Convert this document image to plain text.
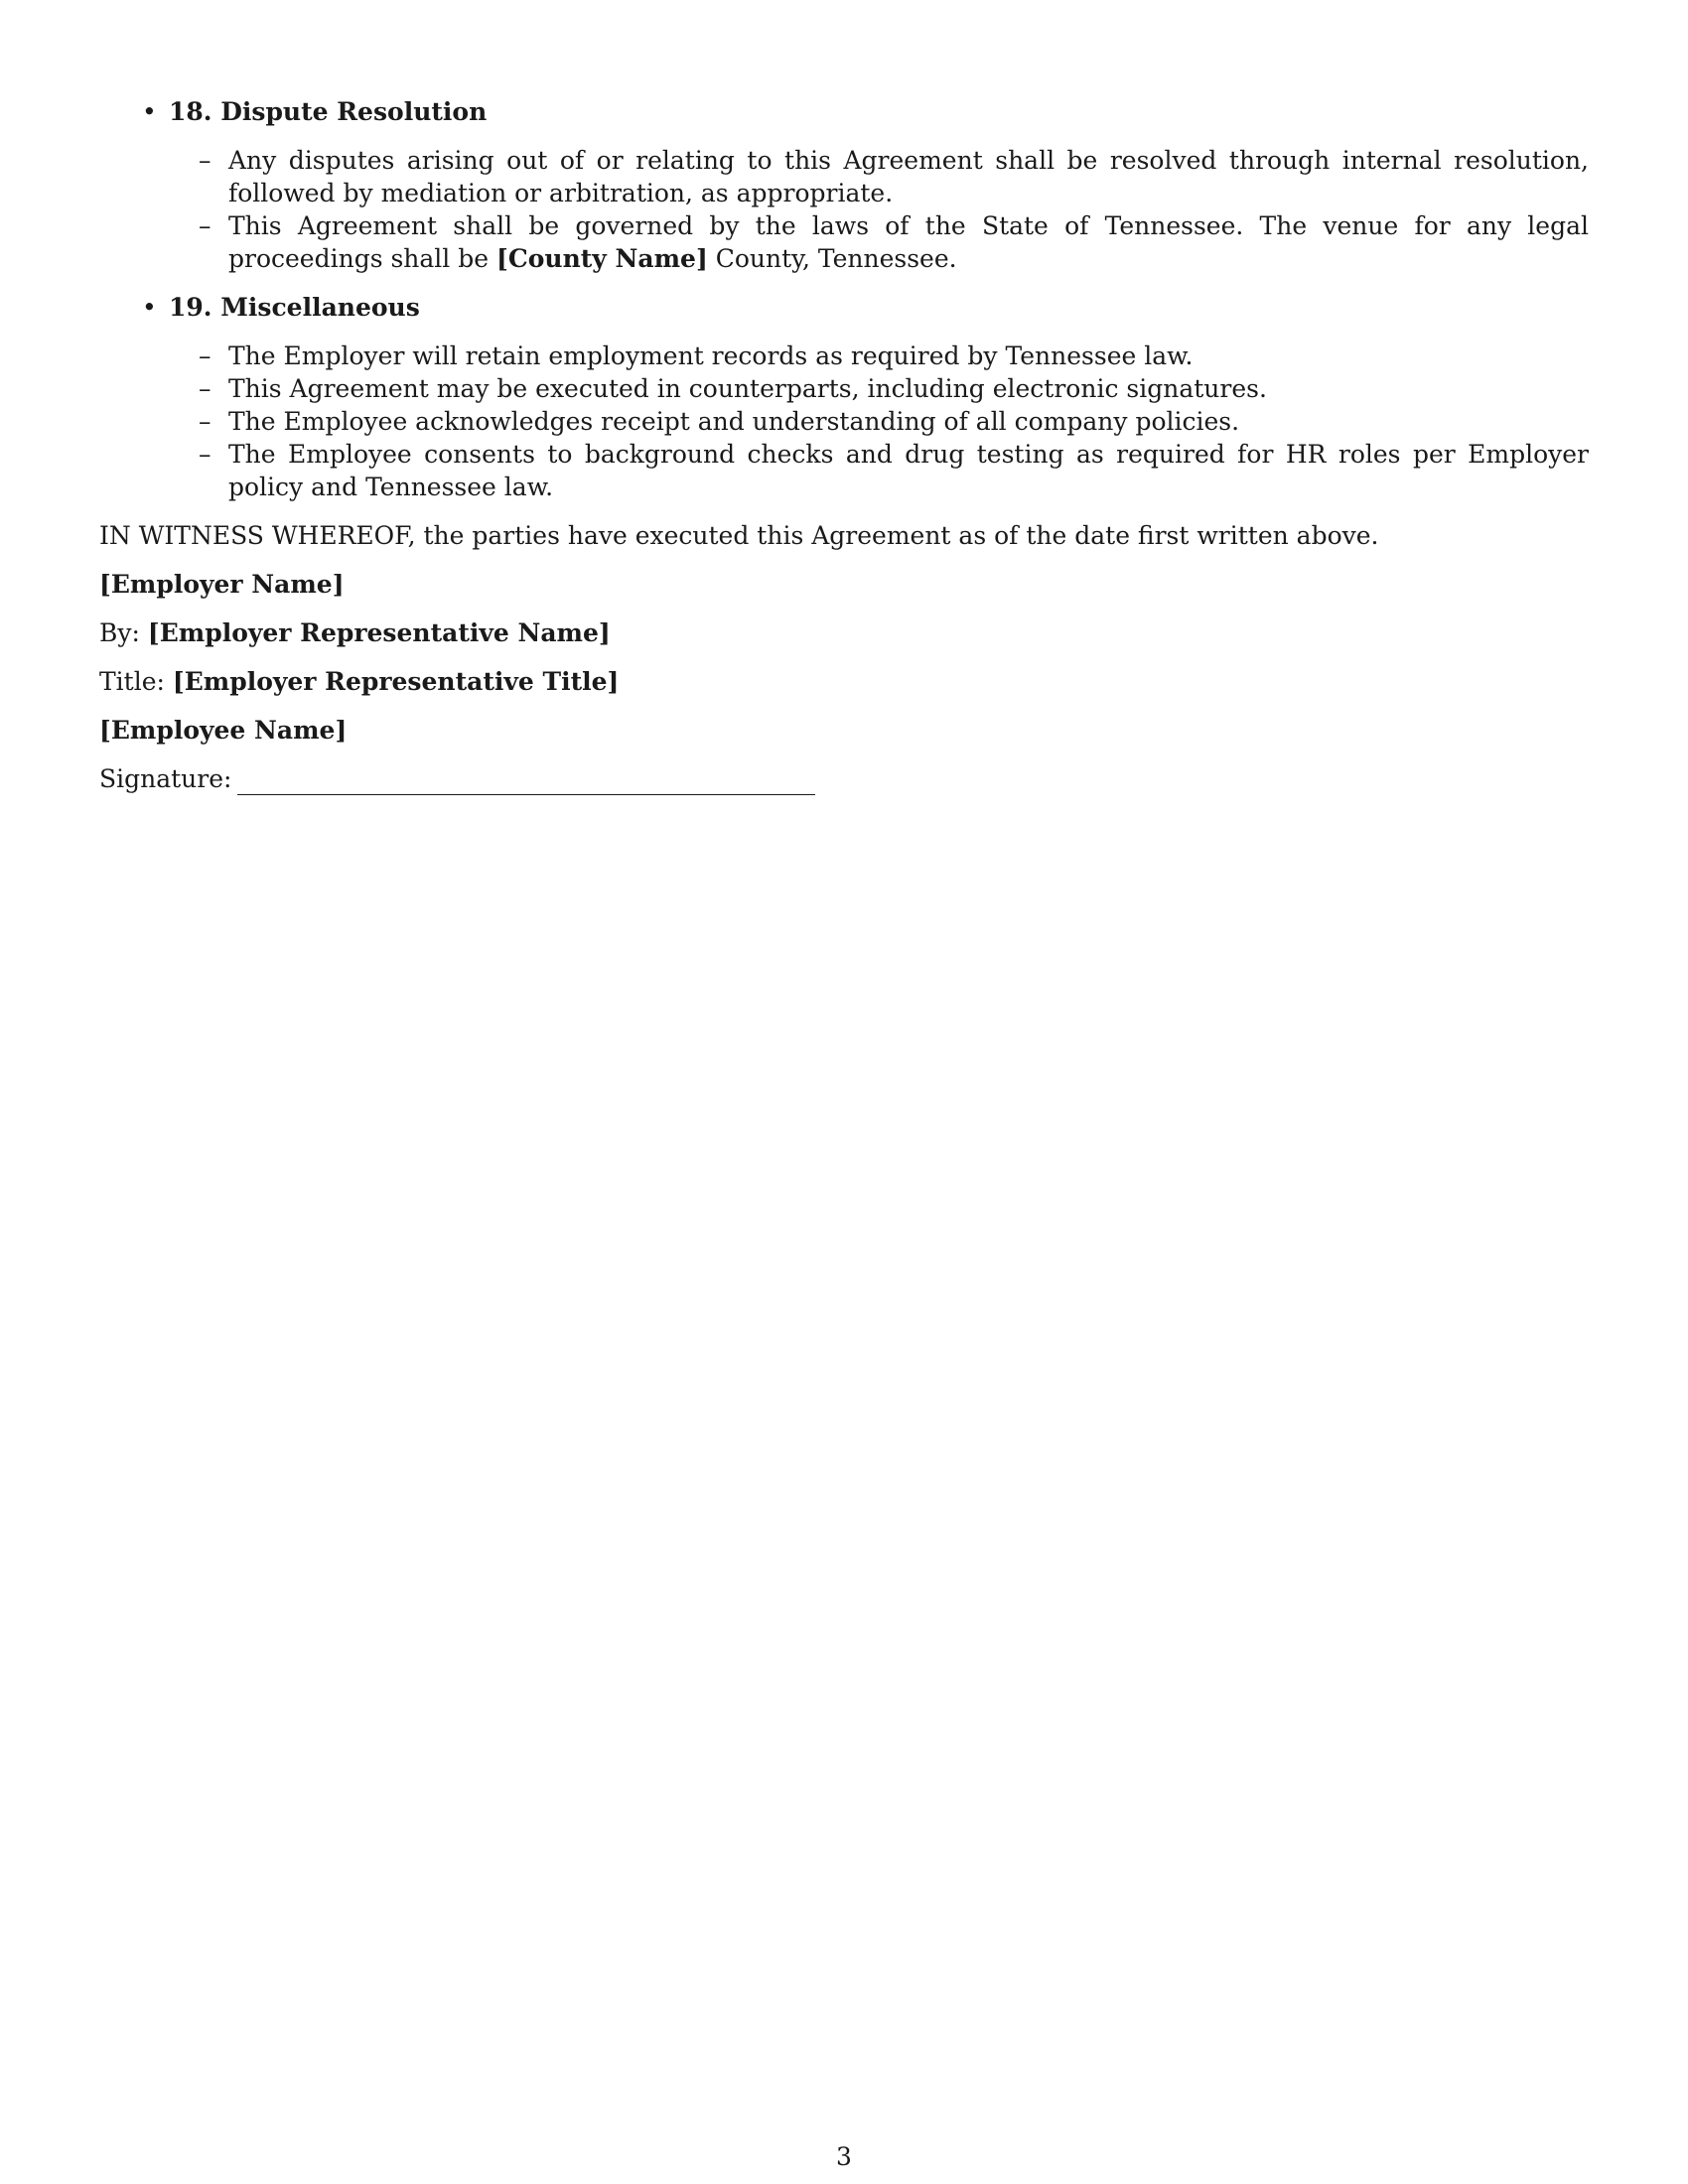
• 18. Dispute Resolution
– Any disputes arising out of or relating to this Agreement shall be resolved through internal resolution, followed by mediation or arbitration, as appropriate.
– This Agreement shall be governed by the laws of the State of Tennessee. The venue for any legal proceedings shall be [County Name] County, Tennessee.
• 19. Miscellaneous
– The Employer will retain employment records as required by Tennessee law.
– This Agreement may be executed in counterparts, including electronic signatures.
– The Employee acknowledges receipt and understanding of all company policies.
– The Employee consents to background checks and drug testing as required for HR roles per Employer policy and Tennessee law.

IN WITNESS WHEREOF, the parties have executed this Agreement as of the date first written above.

[Employer Name]

By: [Employer Representative Name]

Title: [Employer Representative Title]

[Employee Name]

Signature:

3
